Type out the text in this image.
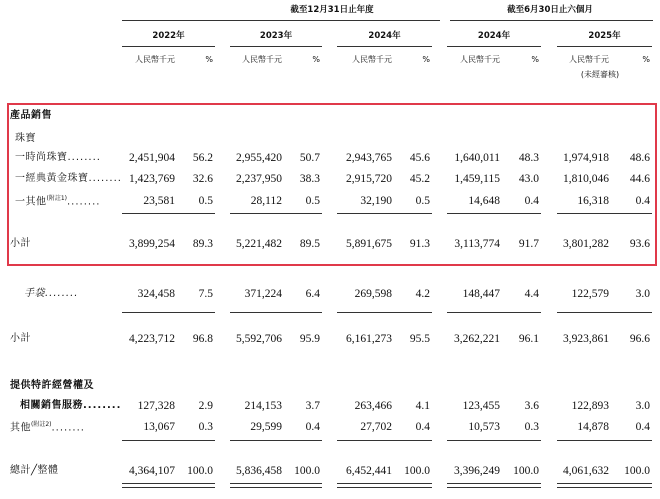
截至12月31日止年度	截至6月30日止六個月
2022年	2023年	2024年	2024年	2025年
人民幣千元	%	人民幣千元	%	人民幣千元	%	人民幣千元	%	人民幣千元	%
(未經審核)
產品銷售
珠寶
一時尚珠寶........	2,451,904	56.2	2,955,420	50.7	2,943,765	45.6	1,640,011	48.3	1,974,918	48.6
一經典黃金珠寶........ 1,423,769	32.6	2,237,950	38.3	2,915,720	45.2	1,459,115	43.0	1,810,046	44.6
一其他$^{(附註1)}$........	23,581	0.5	28,112	0.5	32,190	0.5	14,648	0.4	16,318	0.4
小計	3,899,254	89.3	5,221,482	89.5	5,891,675	91.3	3,113,774	91.7	3,801,282	93.6
手袋........	324,458	7.5	371,224	6.4	269,598	4.2	148,447	4.4	122,579	3.0
小計	4,223,712	96.8	5,592,706	95.9	6,161,273	95.5	3,262,221	96.1	3,923,861	96.6
提供特許經營權及
相關銷售服務........	127,328	2.9	214,153	3.7	263,466	4.1	123,455	3.6	122,893	3.0
其他$^{(附註2)}$........	13,067	0.3	29,599	0.4	27,702	0.4	10,573	0.3	14,878	0.4
總計╱整體	4,364,107	100.0	5,836,458	100.0	6,452,441	100.0	3,396,249	100.0	4,061,632	100.0
